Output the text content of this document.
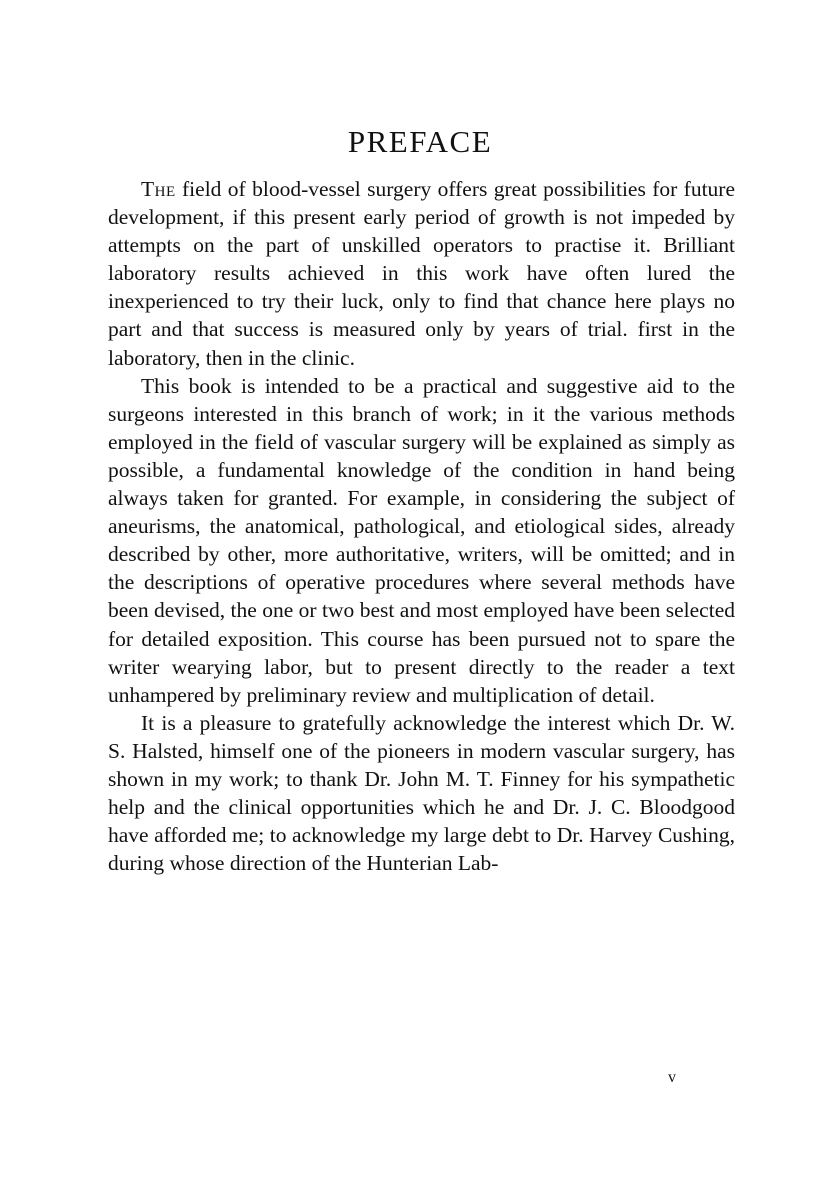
PREFACE

The field of blood-vessel surgery offers great possibilities for future development, if this present early period of growth is not impeded by attempts on the part of unskilled operators to practise it. Brilliant laboratory results achieved in this work have often lured the inexperienced to try their luck, only to find that chance here plays no part and that success is measured only by years of trial. first in the laboratory, then in the clinic.

This book is intended to be a practical and suggestive aid to the surgeons interested in this branch of work; in it the various methods employed in the field of vascular surgery will be explained as simply as possible, a fundamental knowledge of the condition in hand being always taken for granted. For example, in considering the subject of aneurisms, the anatomical, pathological, and etiological sides, already described by other, more authoritative, writers, will be omitted; and in the descriptions of operative procedures where several methods have been devised, the one or two best and most employed have been selected for detailed exposition. This course has been pursued not to spare the writer wearying labor, but to present directly to the reader a text unhampered by preliminary review and multiplication of detail.

It is a pleasure to gratefully acknowledge the interest which Dr. W. S. Halsted, himself one of the pioneers in modern vascular surgery, has shown in my work; to thank Dr. John M. T. Finney for his sympathetic help and the clinical opportunities which he and Dr. J. C. Bloodgood have afforded me; to acknowledge my large debt to Dr. Harvey Cushing, during whose direction of the Hunterian Lab-

v
